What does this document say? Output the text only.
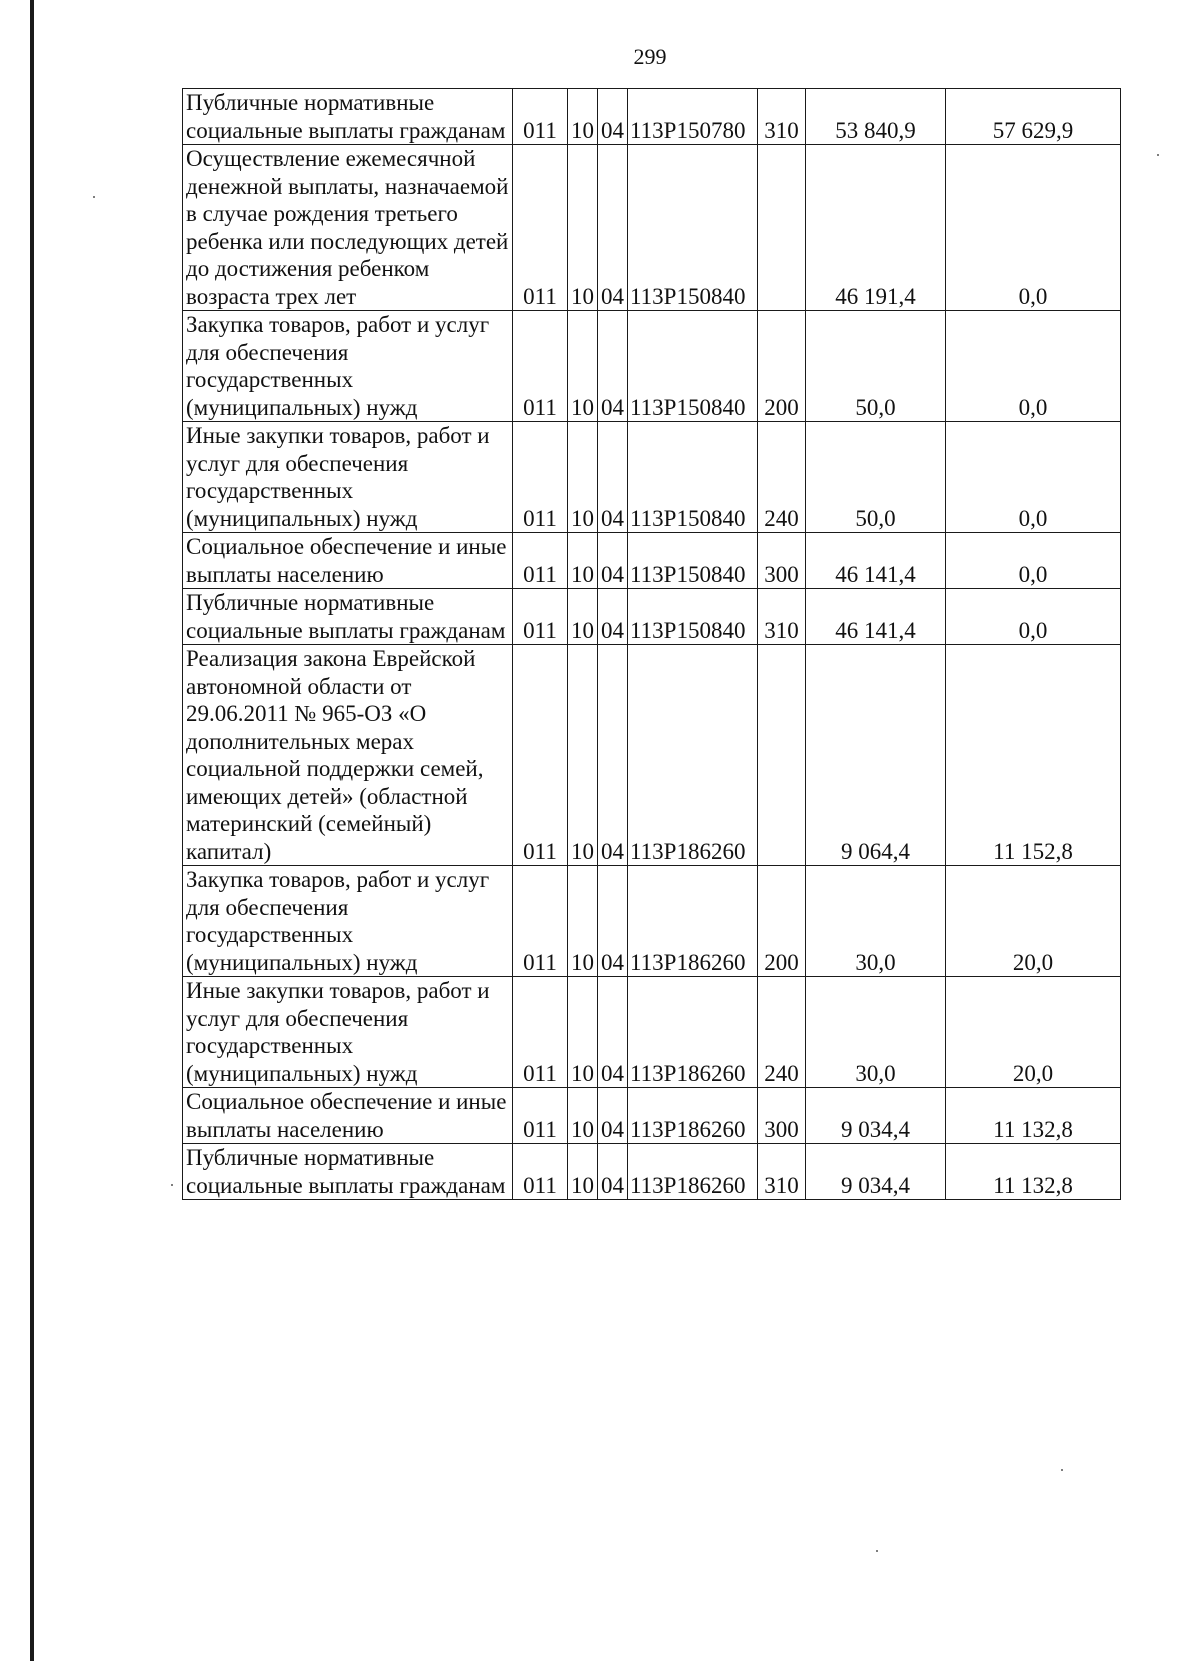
299
Публичные нормативные социальные выплаты гражданам	011	10	04	113P150780	310	53 840,9	57 629,9
Осуществление ежемесячной денежной выплаты, назначаемой в случае рождения третьего ребенка или последующих детей до достижения ребенком возраста трех лет	011	10	04	113P150840		46 191,4	0,0
Закупка товаров, работ и услуг для обеспечения государственных (муниципальных) нужд	011	10	04	113P150840	200	50,0	0,0
Иные закупки товаров, работ и услуг для обеспечения государственных (муниципальных) нужд	011	10	04	113P150840	240	50,0	0,0
Социальное обеспечение и иные выплаты населению	011	10	04	113P150840	300	46 141,4	0,0
Публичные нормативные социальные выплаты гражданам	011	10	04	113P150840	310	46 141,4	0,0
Реализация закона Еврейской автономной области от 29.06.2011 № 965-ОЗ «О дополнительных мерах социальной поддержки семей, имеющих детей» (областной материнский (семейный) капитал)	011	10	04	113P186260		9 064,4	11 152,8
Закупка товаров, работ и услуг для обеспечения государственных (муниципальных) нужд	011	10	04	113P186260	200	30,0	20,0
Иные закупки товаров, работ и услуг для обеспечения государственных (муниципальных) нужд	011	10	04	113P186260	240	30,0	20,0
Социальное обеспечение и иные выплаты населению	011	10	04	113P186260	300	9 034,4	11 132,8
Публичные нормативные социальные выплаты гражданам	011	10	04	113P186260	310	9 034,4	11 132,8
